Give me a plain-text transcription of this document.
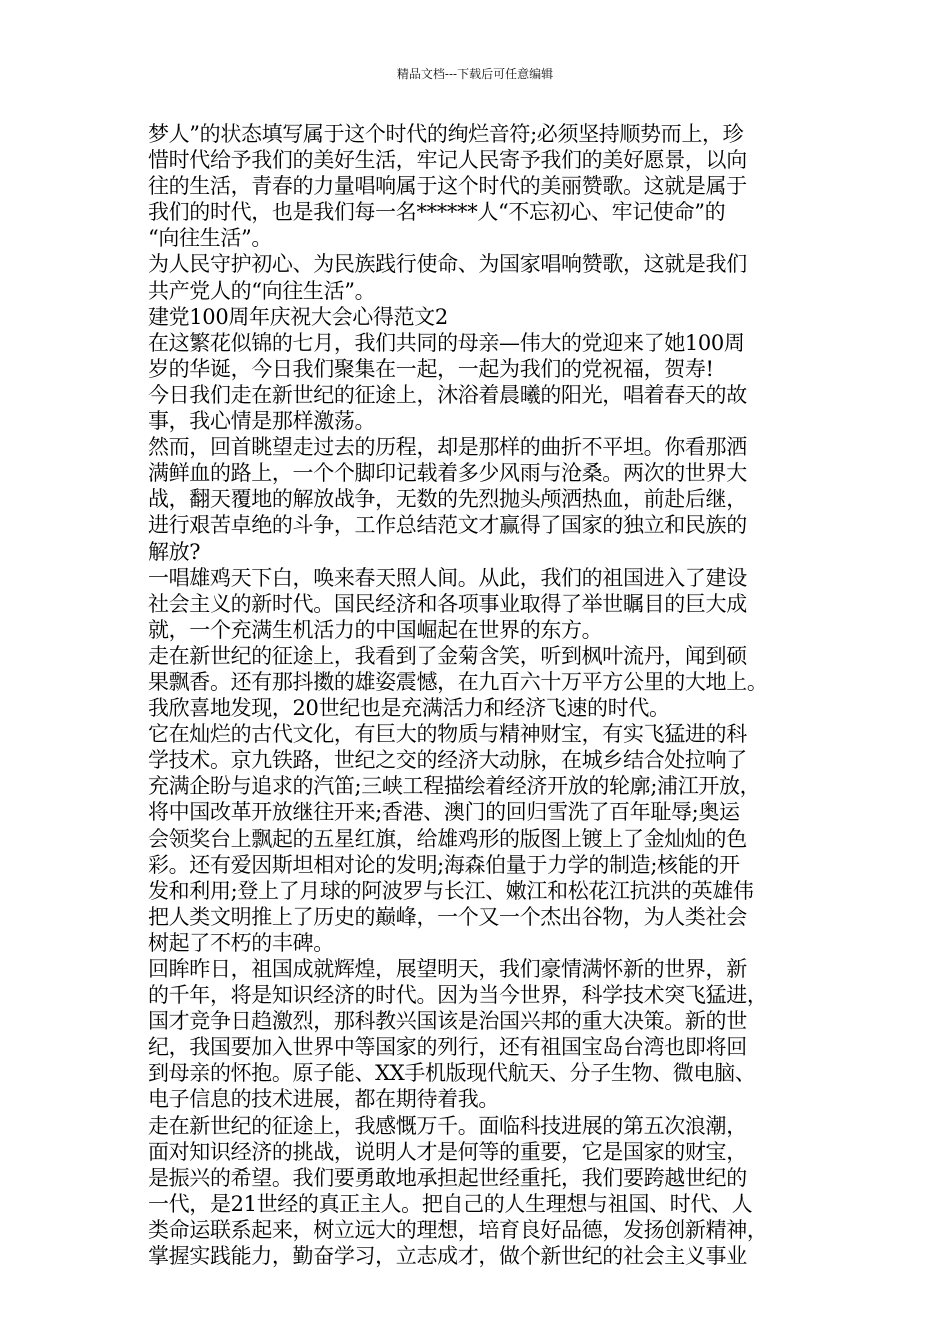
精品文档---下载后可任意编辑
梦人”的状态填写属于这个时代的绚烂音符;必须坚持顺势而上，珍
惜时代给予我们的美好生活，牢记人民寄予我们的美好愿景，以向
往的生活，青春的力量唱响属于这个时代的美丽赞歌。这就是属于
我们的时代，也是我们每一名******人“不忘初心、牢记使命”的
“向往生活”。
为人民守护初心、为民族践行使命、为国家唱响赞歌，这就是我们
共产党人的“向往生活”。
建党100周年庆祝大会心得范文2
在这繁花似锦的七月，我们共同的母亲—伟大的党迎来了她100周
岁的华诞，今日我们聚集在一起，一起为我们的党祝福，贺寿!
今日我们走在新世纪的征途上，沐浴着晨曦的阳光，唱着春天的故
事，我心情是那样激荡。
然而，回首眺望走过去的历程，却是那样的曲折不平坦。你看那洒
满鲜血的路上，一个个脚印记载着多少风雨与沧桑。两次的世界大
战，翻天覆地的解放战争，无数的先烈抛头颅洒热血，前赴后继，
进行艰苦卓绝的斗争，工作总结范文才赢得了国家的独立和民族的
解放?
一唱雄鸡天下白，唤来春天照人间。从此，我们的祖国进入了建设
社会主义的新时代。国民经济和各项事业取得了举世瞩目的巨大成
就，一个充满生机活力的中国崛起在世界的东方。
走在新世纪的征途上，我看到了金菊含笑，听到枫叶流丹，闻到硕
果飘香。还有那抖擞的雄姿震憾，在九百六十万平方公里的大地上。
我欣喜地发现，20世纪也是充满活力和经济飞速的时代。
它在灿烂的古代文化，有巨大的物质与精神财宝，有实飞猛进的科
学技术。京九铁路，世纪之交的经济大动脉，在城乡结合处拉响了
充满企盼与追求的汽笛;三峡工程描绘着经济开放的轮廓;浦江开放，
将中国改革开放继往开来;香港、澳门的回归雪洗了百年耻辱;奥运
会领奖台上飘起的五星红旗，给雄鸡形的版图上镀上了金灿灿的色
彩。还有爱因斯坦相对论的发明;海森伯量于力学的制造;核能的开
发和利用;登上了月球的阿波罗与长江、嫩江和松花江抗洪的英雄伟
把人类文明推上了历史的巅峰，一个又一个杰出谷物，为人类社会
树起了不朽的丰碑。
回眸昨日，祖国成就辉煌，展望明天，我们豪情满怀新的世界，新
的千年，将是知识经济的时代。因为当今世界，科学技术突飞猛进，
国才竞争日趋激烈，那科教兴国该是治国兴邦的重大决策。新的世
纪，我国要加入世界中等国家的列行，还有祖国宝岛台湾也即将回
到母亲的怀抱。原子能、XX手机版现代航天、分子生物、微电脑、
电子信息的技术进展，都在期待着我。
走在新世纪的征途上，我感慨万千。面临科技进展的第五次浪潮，
面对知识经济的挑战，说明人才是何等的重要，它是国家的财宝，
是振兴的希望。我们要勇敢地承担起世经重托，我们要跨越世纪的
一代，是21世经的真正主人。把自己的人生理想与祖国、时代、人
类命运联系起来，树立远大的理想，培育良好品德，发扬创新精神，
掌握实践能力，勤奋学习，立志成才，做个新世纪的社会主义事业
